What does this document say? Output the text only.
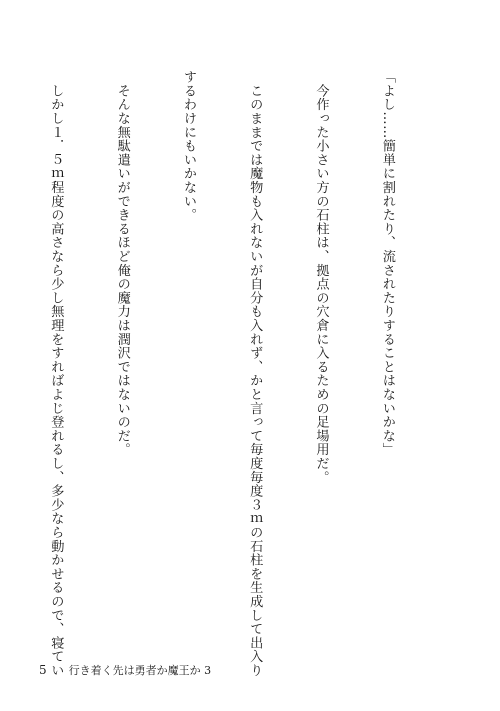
「よし……簡単に割れたり、流されたりすることはないかな」

　今作った小さい方の石柱は、拠点の穴倉に入るための足場用だ。

　このままでは魔物も入れないが自分も入れず、かと言って毎度毎度３ｍの石柱を生成して出入り

するわけにもいかない。

　そんな無駄遣いができるほど俺の魔力は潤沢ではないのだ。

　しかし１．５ｍ程度の高さなら少し無理をすればよじ登れるし、多少なら動かせるので、寝てい

5 行き着く先は勇者か魔王か 3
